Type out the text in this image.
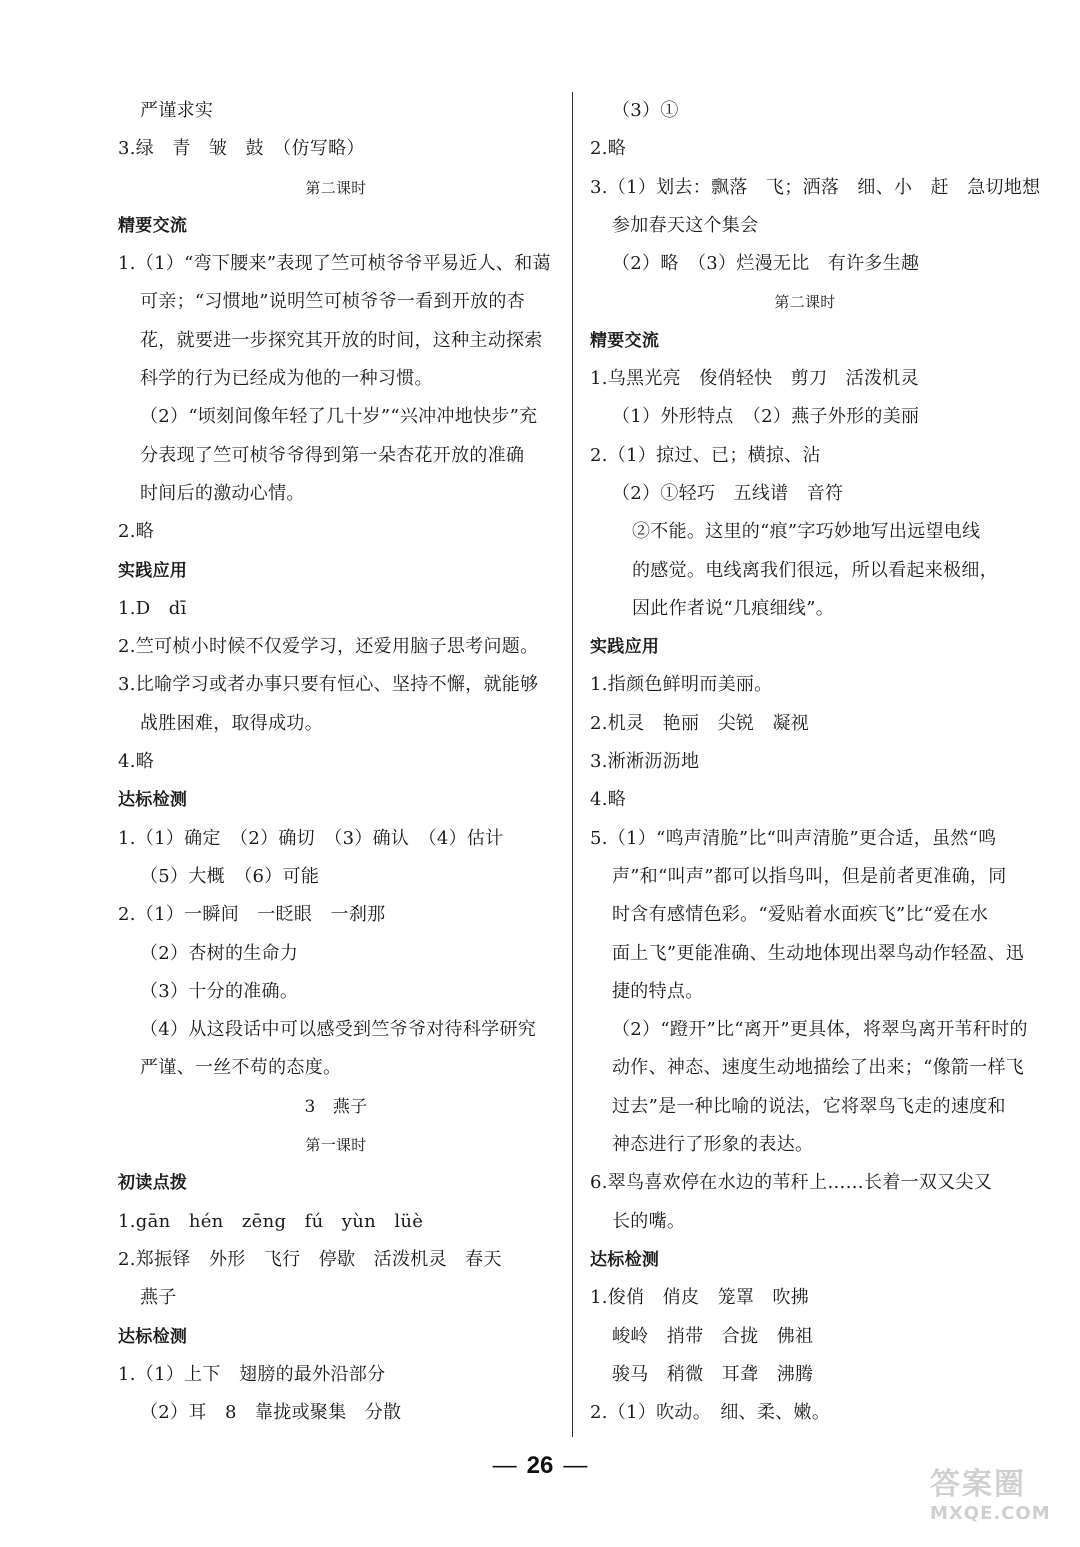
严谨求实
3.绿　青　皱　鼓　（仿写略）
第二课时
精要交流
1.（1）“弯下腰来”表现了竺可桢爷爷平易近人、和蔼
可亲；“习惯地”说明竺可桢爷爷一看到开放的杏
花，就要进一步探究其开放的时间，这种主动探索
科学的行为已经成为他的一种习惯。
（2）“顷刻间像年轻了几十岁”“兴冲冲地快步”充
分表现了竺可桢爷爷得到第一朵杏花开放的准确
时间后的激动心情。
2.略
实践应用
1.D　dī
2.竺可桢小时候不仅爱学习，还爱用脑子思考问题。
3.比喻学习或者办事只要有恒心、坚持不懈，就能够
战胜困难，取得成功。
4.略
达标检测
1.（1）确定　（2）确切　（3）确认　（4）估计
（5）大概　（6）可能
2.（1）一瞬间　一眨眼　一刹那
（2）杏树的生命力
（3）十分的准确。
（4）从这段话中可以感受到竺爷爷对待科学研究
严谨、一丝不苟的态度。
3　燕子
第一课时
初读点拨
1.gān　hén　zēng　fú　yùn　lüè
2.郑振铎　外形　飞行　停歇　活泼机灵　春天
燕子
达标检测
1.（1）上下　翅膀的最外沿部分
（2）耳　8　靠拢或聚集　分散
（3）①
2.略
3.（1）划去：飘落　飞；洒落　细、小　赶　急切地想
参加春天这个集会
（2）略　（3）烂漫无比　有许多生趣
第二课时
精要交流
1.乌黑光亮　俊俏轻快　剪刀　活泼机灵
（1）外形特点　（2）燕子外形的美丽
2.（1）掠过、已；横掠、沾
（2）①轻巧　五线谱　音符
②不能。这里的“痕”字巧妙地写出远望电线
的感觉。电线离我们很远，所以看起来极细，
因此作者说“几痕细线”。
实践应用
1.指颜色鲜明而美丽。
2.机灵　艳丽　尖锐　凝视
3.淅淅沥沥地
4.略
5.（1）“鸣声清脆”比“叫声清脆”更合适，虽然“鸣
声”和“叫声”都可以指鸟叫，但是前者更准确，同
时含有感情色彩。“爱贴着水面疾飞”比“爱在水
面上飞”更能准确、生动地体现出翠鸟动作轻盈、迅
捷的特点。
（2）“蹬开”比“离开”更具体，将翠鸟离开苇秆时的
动作、神态、速度生动地描绘了出来；“像箭一样飞
过去”是一种比喻的说法，它将翠鸟飞走的速度和
神态进行了形象的表达。
6.翠鸟喜欢停在水边的苇秆上……长着一双又尖又
长的嘴。
达标检测
1.俊俏　俏皮　笼罩　吹拂
峻岭　捎带　合拢　佛祖
骏马　稍微　耳聋　沸腾
2.（1）吹动。　细、柔、嫩。
— 26 —
答案圈
MXQE.COM
